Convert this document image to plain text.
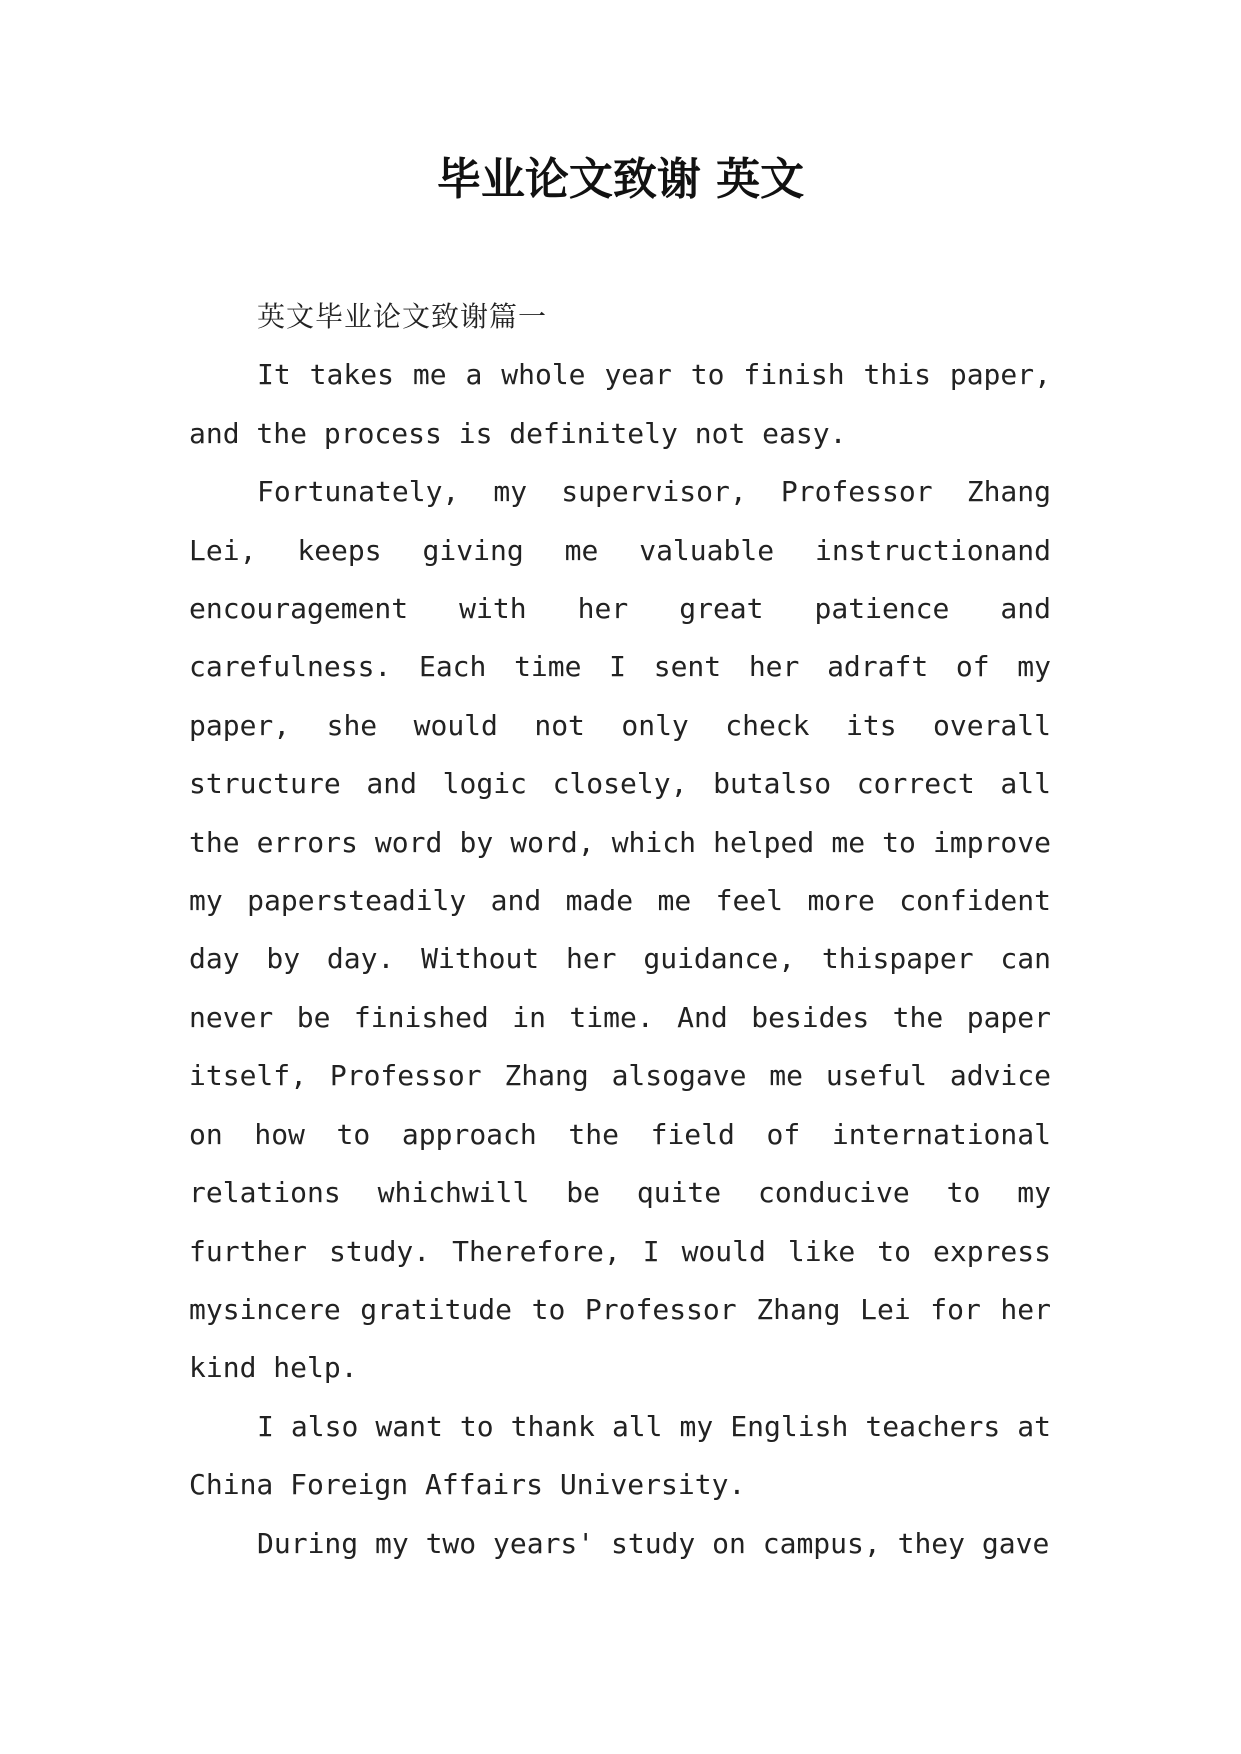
毕业论文致谢 英文

英文毕业论文致谢篇一

It takes me a whole year to finish this paper, and the process is definitely not easy.

Fortunately, my supervisor, Professor Zhang Lei, keeps giving me valuable instructionand encouragement with her great patience and carefulness. Each time I sent her adraft of my paper, she would not only check its overall structure and logic closely, butalso correct all the errors word by word, which helped me to improve my papersteadily and made me feel more confident day by day. Without her guidance, thispaper can never be finished in time. And besides the paper itself, Professor Zhang alsogave me useful advice on how to approach the field of international relations whichwill be quite conducive to my further study. Therefore, I would like to express mysincere gratitude to Professor Zhang Lei for her kind help.

I also want to thank all my English teachers at China Foreign Affairs University.

During my two years' study on campus, they gave
